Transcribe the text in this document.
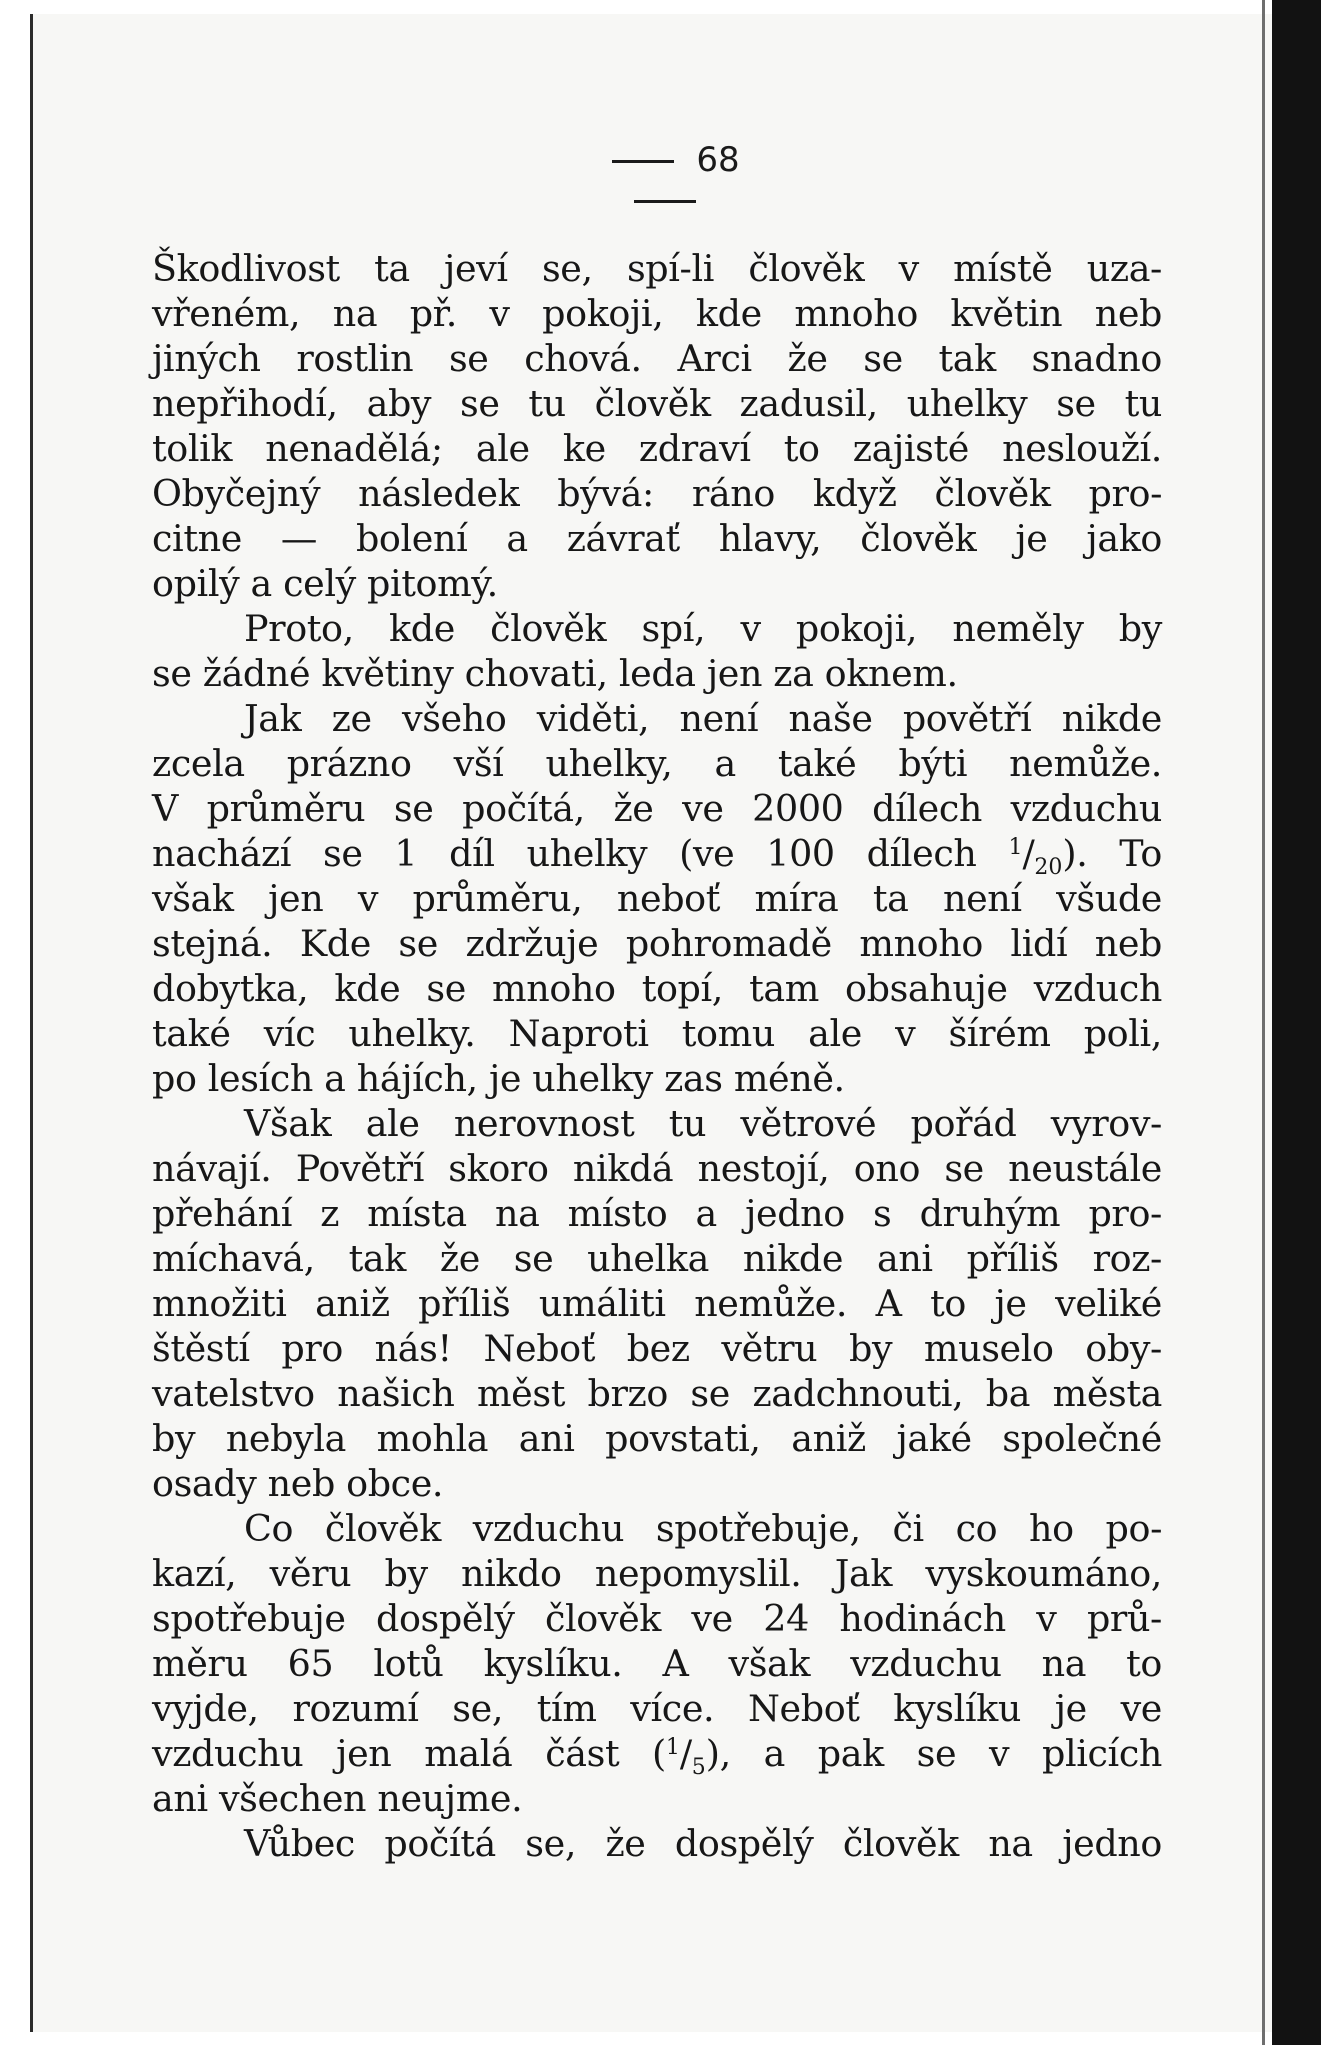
68
Škodlivost ta jeví se, spí-li člověk v místě uza-
vřeném, na př. v pokoji, kde mnoho květin neb
jiných rostlin se chová. Arci že se tak snadno
nepřihodí, aby se tu člověk zadusil, uhelky se tu
tolik nenadělá; ale ke zdraví to zajisté neslouží.
Obyčejný následek bývá: ráno když člověk pro-
citne — bolení a závrať hlavy, člověk je jako
opilý a celý pitomý.
Proto, kde člověk spí, v pokoji, neměly by
se žádné květiny chovati, leda jen za oknem.
Jak ze všeho viděti, není naše povětří nikde
zcela prázno vší uhelky, a také býti nemůže.
V průměru se počítá, že ve 2000 dílech vzduchu
nachází se 1 díl uhelky (ve 100 dílech $^1/_{20}$). To
však jen v průměru, neboť míra ta není všude
stejná. Kde se zdržuje pohromadě mnoho lidí neb
dobytka, kde se mnoho topí, tam obsahuje vzduch
také víc uhelky. Naproti tomu ale v šírém poli,
po lesích a hájích, je uhelky zas méně.
Však ale nerovnost tu větrové pořád vyrov-
návají. Povětří skoro nikdá nestojí, ono se neustále
přehání z místa na místo a jedno s druhým pro-
míchavá, tak že se uhelka nikde ani příliš roz-
množiti aniž příliš umáliti nemůže. A to je veliké
štěstí pro nás! Neboť bez větru by muselo oby-
vatelstvo našich měst brzo se zadchnouti, ba města
by nebyla mohla ani povstati, aniž jaké společné
osady neb obce.
Co člověk vzduchu spotřebuje, či co ho po-
kazí, věru by nikdo nepomyslil. Jak vyskoumáno,
spotřebuje dospělý člověk ve 24 hodinách v prů-
měru 65 lotů kyslíku. A však vzduchu na to
vyjde, rozumí se, tím více. Neboť kyslíku je ve
vzduchu jen malá část $(^1/_5)$, a pak se v plicích
ani všechen neujme.
Vůbec počítá se, že dospělý člověk na jedno
